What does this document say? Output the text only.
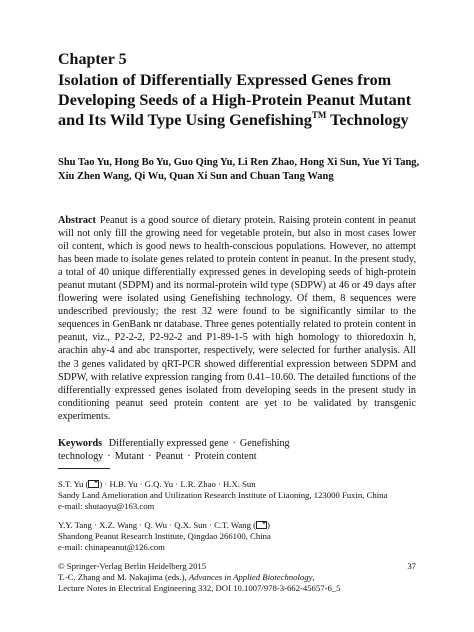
Chapter 5
Isolation of Differentially Expressed Genes from Developing Seeds of a High-Protein Peanut Mutant and Its Wild Type Using Genefishing™ Technology
Shu Tao Yu, Hong Bo Yu, Guo Qing Yu, Li Ren Zhao, Hong Xi Sun, Yue Yi Tang, Xiu Zhen Wang, Qi Wu, Quan Xi Sun and Chuan Tang Wang
Abstract Peanut is a good source of dietary protein. Raising protein content in peanut will not only fill the growing need for vegetable protein, but also in most cases lower oil content, which is good news to health-conscious populations. However, no attempt has been made to isolate genes related to protein content in peanut. In the present study, a total of 40 unique differentially expressed genes in developing seeds of high-protein peanut mutant (SDPM) and its normal-protein wild type (SDPW) at 46 or 49 days after flowering were isolated using Genefishing technology. Of them, 8 sequences were undescribed previously; the rest 32 were found to be significantly similar to the sequences in GenBank nr database. Three genes potentially related to protein content in peanut, viz., P2-2-2, P2-92-2 and P1-89-1-5 with high homology to thioredoxin h, arachin ahy-4 and abc transporter, respectively, were selected for further analysis. All the 3 genes validated by qRT-PCR showed differential expression between SDPM and SDPW, with relative expression ranging from 0.41–10.60. The detailed functions of the differentially expressed genes isolated from developing seeds in the present study in conditioning peanut seed protein content are yet to be validated by transgenic experiments.
Keywords Differentially expressed gene · Genefishing technology · Mutant · Peanut · Protein content
S.T. Yu ( ) · H.B. Yu · G.Q. Yu · L.R. Zhao · H.X. Sun
Sandy Land Amelioration and Utilization Research Institute of Liaoning, 123000 Fuxin, China
e-mail: shutaoyu@163.com
Y.Y. Tang · X.Z. Wang · Q. Wu · Q.X. Sun · C.T. Wang ( )
Shandong Peanut Research Institute, Qingdao 266100, China
e-mail: chinapeanut@126.com
© Springer-Verlag Berlin Heidelberg 2015	37
T.-C. Zhang and M. Nakajima (eds.), Advances in Applied Biotechnology,
Lecture Notes in Electrical Engineering 332, DOI 10.1007/978-3-662-45657-6_5
